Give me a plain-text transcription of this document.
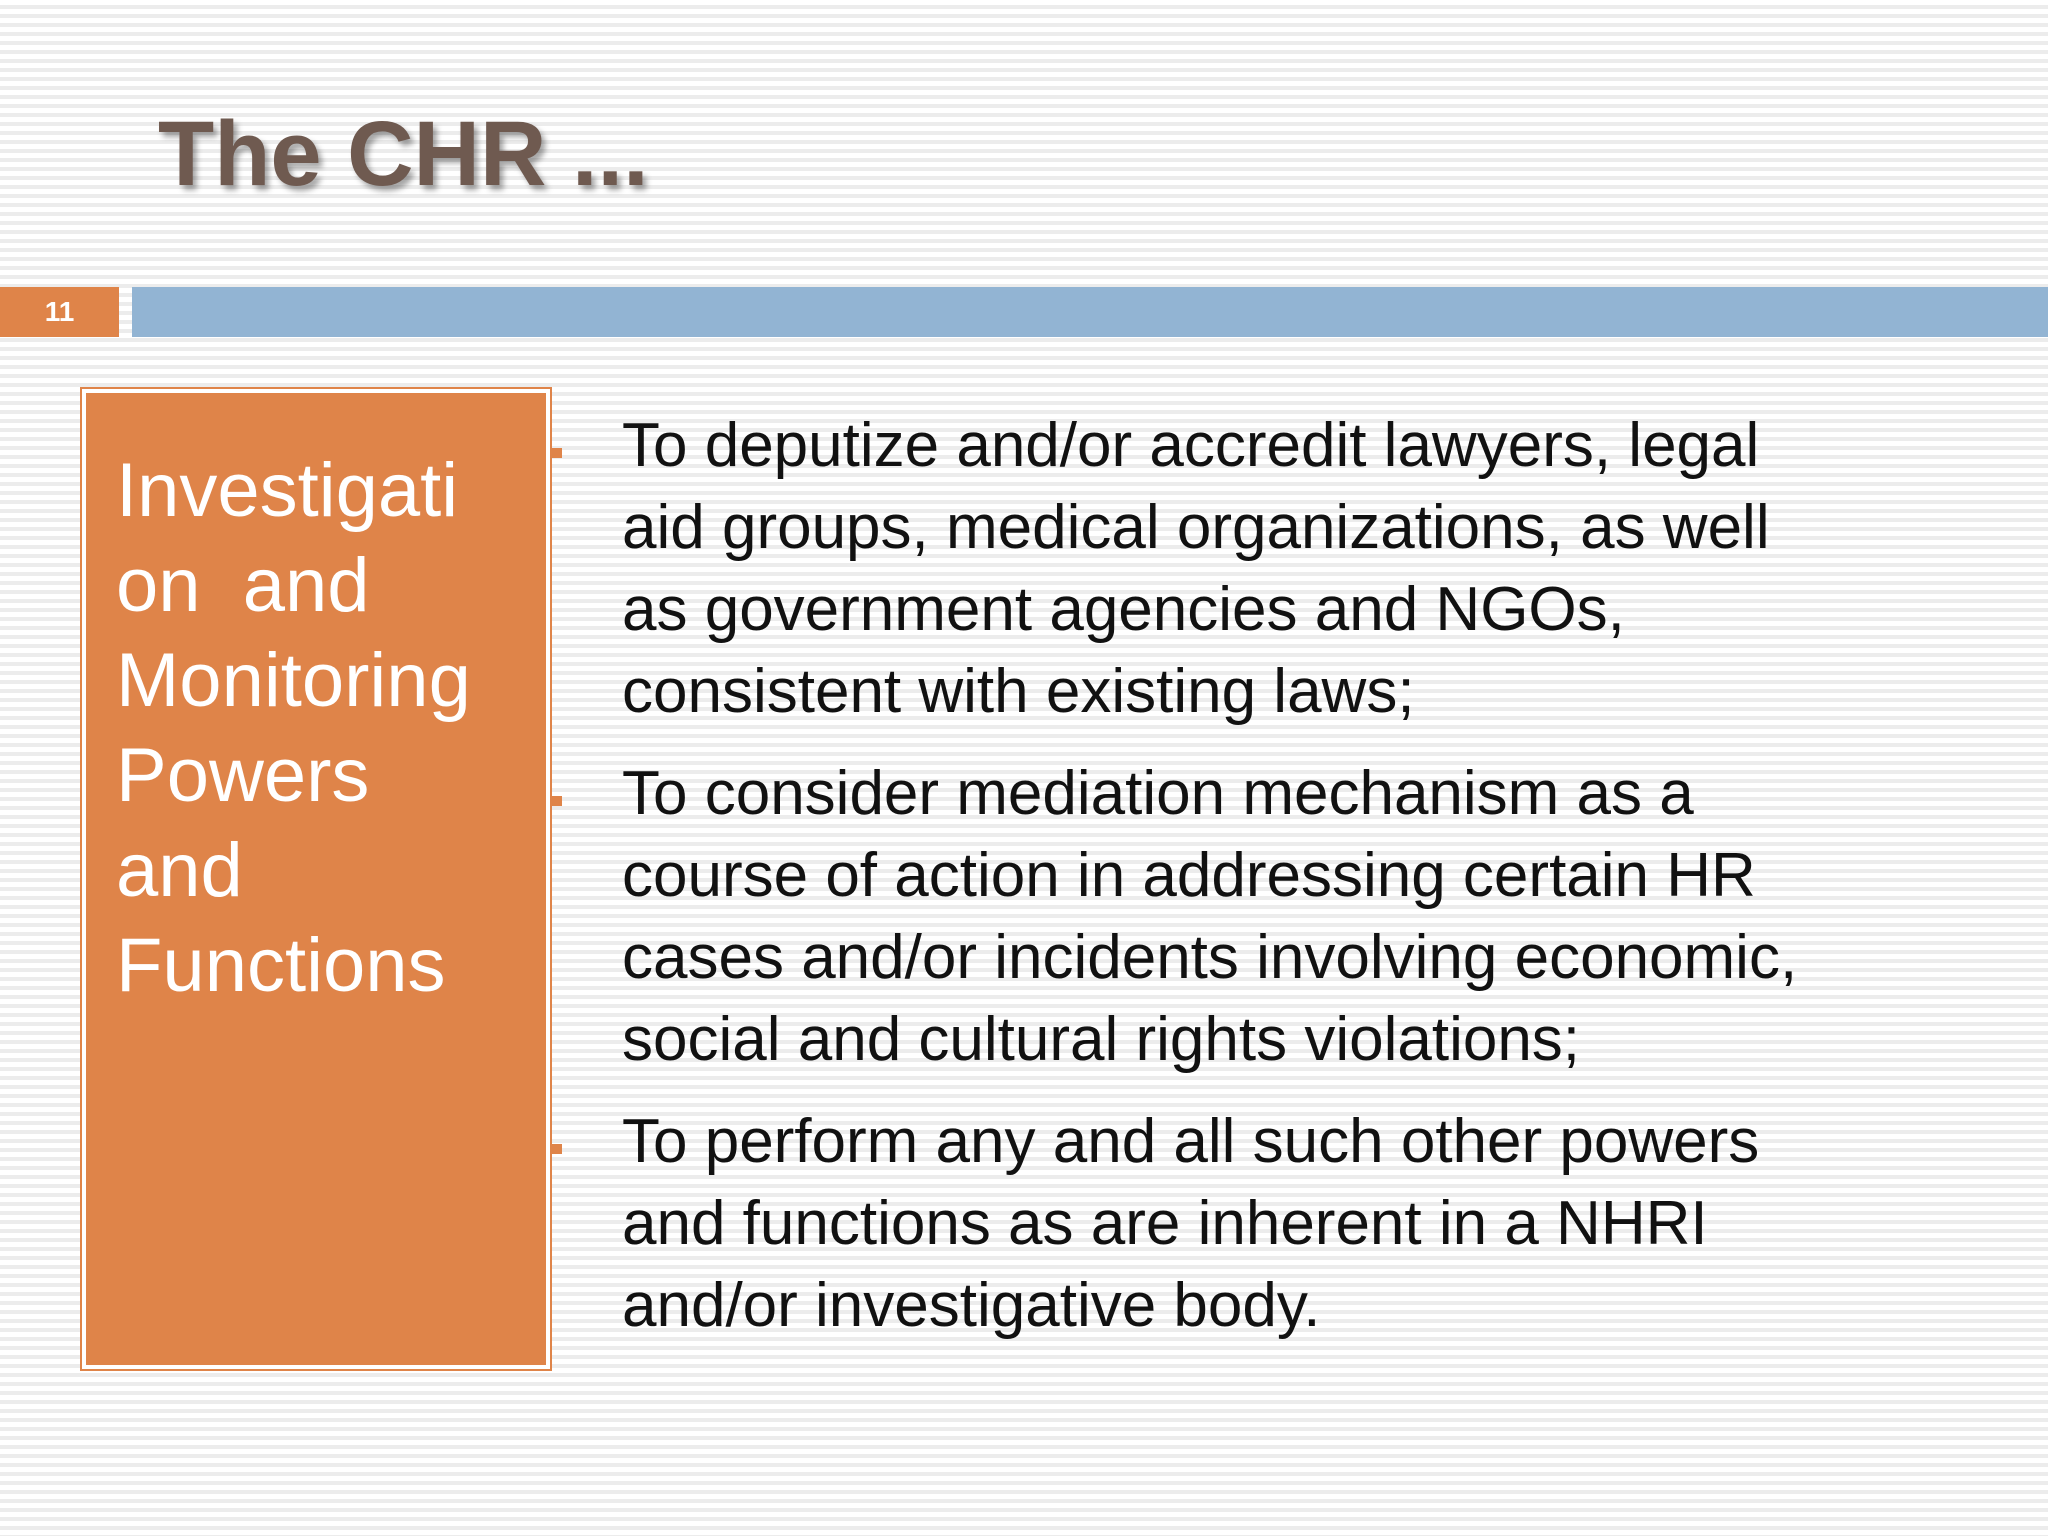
The CHR ...
11
Investigati
on  and
Monitoring
Powers
and
Functions
To deputize and/or accredit lawyers, legal
aid groups, medical organizations, as well
as government agencies and NGOs,
consistent with existing laws;
To consider mediation mechanism as a
course of action in addressing certain HR
cases and/or incidents involving economic,
social and cultural rights violations;
To perform any and all such other powers
and functions as are inherent in a NHRI
and/or investigative body.
